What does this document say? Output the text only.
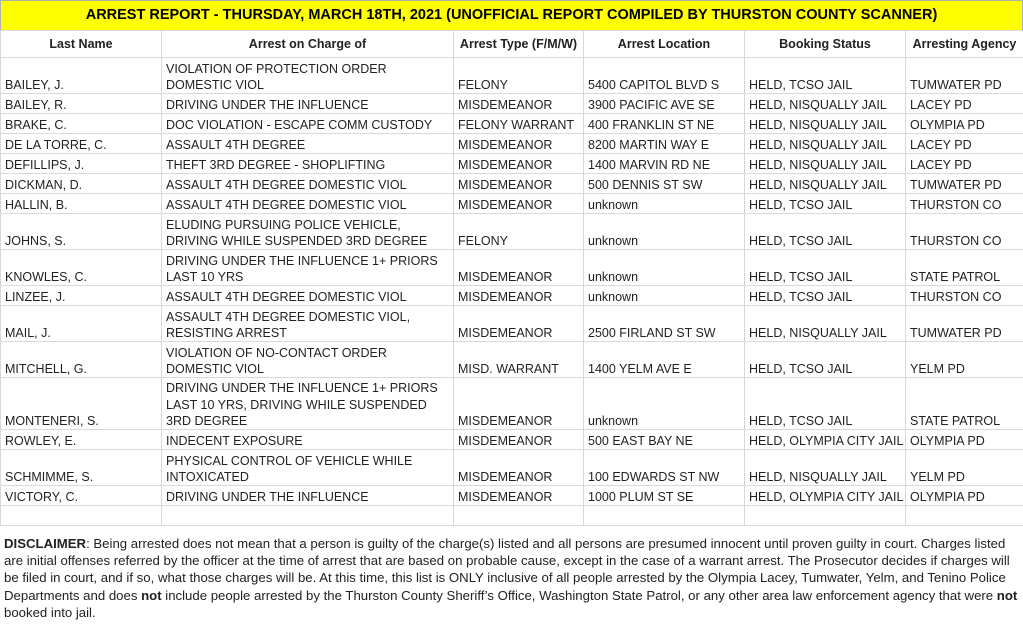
ARREST REPORT - THURSDAY, MARCH 18TH, 2021 (UNOFFICIAL REPORT COMPILED BY THURSTON COUNTY SCANNER)
Last Name	Arrest on Charge of	Arrest Type (F/M/W)	Arrest Location	Booking Status	Arresting Agency
BAILEY, J.	VIOLATION OF PROTECTION ORDER DOMESTIC VIOL	FELONY	5400 CAPITOL BLVD S	HELD, TCSO JAIL	TUMWATER PD
BAILEY, R.	DRIVING UNDER THE INFLUENCE	MISDEMEANOR	3900 PACIFIC AVE SE	HELD, NISQUALLY JAIL	LACEY PD
BRAKE, C.	DOC VIOLATION - ESCAPE COMM CUSTODY	FELONY WARRANT	400 FRANKLIN ST NE	HELD, NISQUALLY JAIL	OLYMPIA PD
DE LA TORRE, C.	ASSAULT 4TH DEGREE	MISDEMEANOR	8200 MARTIN WAY E	HELD, NISQUALLY JAIL	LACEY PD
DEFILLIPS, J.	THEFT 3RD DEGREE - SHOPLIFTING	MISDEMEANOR	1400 MARVIN RD NE	HELD, NISQUALLY JAIL	LACEY PD
DICKMAN, D.	ASSAULT 4TH DEGREE DOMESTIC VIOL	MISDEMEANOR	500 DENNIS ST SW	HELD, NISQUALLY JAIL	TUMWATER PD
HALLIN, B.	ASSAULT 4TH DEGREE DOMESTIC VIOL	MISDEMEANOR	unknown	HELD, TCSO JAIL	THURSTON CO
JOHNS, S.	ELUDING PURSUING POLICE VEHICLE, DRIVING WHILE SUSPENDED 3RD DEGREE	FELONY	unknown	HELD, TCSO JAIL	THURSTON CO
KNOWLES, C.	DRIVING UNDER THE INFLUENCE 1+ PRIORS LAST 10 YRS	MISDEMEANOR	unknown	HELD, TCSO JAIL	STATE PATROL
LINZEE, J.	ASSAULT 4TH DEGREE DOMESTIC VIOL	MISDEMEANOR	unknown	HELD, TCSO JAIL	THURSTON CO
MAIL, J.	ASSAULT 4TH DEGREE DOMESTIC VIOL, RESISTING ARREST	MISDEMEANOR	2500 FIRLAND ST SW	HELD, NISQUALLY JAIL	TUMWATER PD
MITCHELL, G.	VIOLATION OF NO-CONTACT ORDER DOMESTIC VIOL	MISD. WARRANT	1400 YELM AVE E	HELD, TCSO JAIL	YELM PD
MONTENERI, S.	DRIVING UNDER THE INFLUENCE 1+ PRIORS LAST 10 YRS, DRIVING WHILE SUSPENDED 3RD DEGREE	MISDEMEANOR	unknown	HELD, TCSO JAIL	STATE PATROL
ROWLEY, E.	INDECENT EXPOSURE	MISDEMEANOR	500 EAST BAY NE	HELD, OLYMPIA CITY JAIL	OLYMPIA PD
SCHMIMME, S.	PHYSICAL CONTROL OF VEHICLE WHILE INTOXICATED	MISDEMEANOR	100 EDWARDS ST NW	HELD, NISQUALLY JAIL	YELM PD
VICTORY, C.	DRIVING UNDER THE INFLUENCE	MISDEMEANOR	1000 PLUM ST SE	HELD, OLYMPIA CITY JAIL	OLYMPIA PD

DISCLAIMER: Being arrested does not mean that a person is guilty of the charge(s) listed and all persons are presumed innocent until proven guilty in court. Charges listed are initial offenses referred by the officer at the time of arrest that are based on probable cause, except in the case of a warrant arrest. The Prosecutor decides if charges will be filed in court, and if so, what those charges will be. At this time, this list is ONLY inclusive of all people arrested by the Olympia Lacey, Tumwater, Yelm, and Tenino Police Departments and does not include people arrested by the Thurston County Sheriff’s Office, Washington State Patrol, or any other area law enforcement agency that were not booked into jail.
